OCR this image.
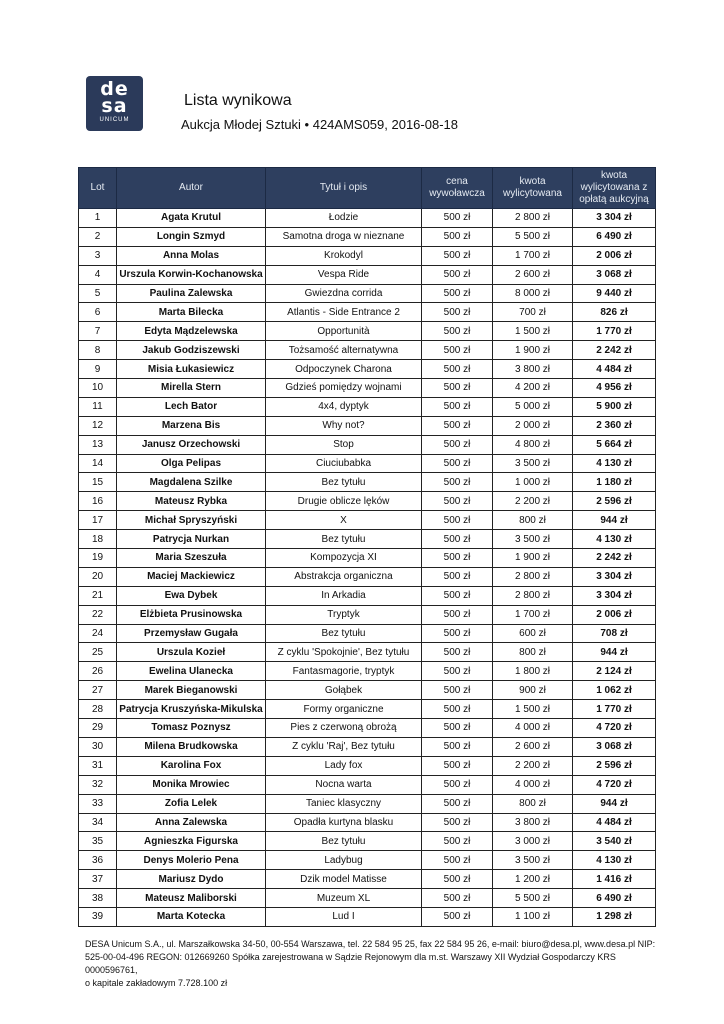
de
sa
UNICUM
Lista wynikowa
Aukcja Młodej Sztuki • 424AMS059, 2016-08-18
Lot	Autor	Tytuł i opis	cena wywoławcza	kwota wylicytowana	kwota wylicytowana z opłatą aukcyjną
1	Agata Krutul	Łodzie	500 zł	2 800 zł	3 304 zł
2	Longin Szmyd	Samotna droga w nieznane	500 zł	5 500 zł	6 490 zł
3	Anna Molas	Krokodyl	500 zł	1 700 zł	2 006 zł
4	Urszula Korwin-Kochanowska	Vespa Ride	500 zł	2 600 zł	3 068 zł
5	Paulina Zalewska	Gwiezdna corrida	500 zł	8 000 zł	9 440 zł
6	Marta Bilecka	Atlantis - Side Entrance 2	500 zł	700 zł	826 zł
7	Edyta Mądzelewska	Opportunità	500 zł	1 500 zł	1 770 zł
8	Jakub Godziszewski	Tożsamość alternatywna	500 zł	1 900 zł	2 242 zł
9	Misia Łukasiewicz	Odpoczynek Charona	500 zł	3 800 zł	4 484 zł
10	Mirella Stern	Gdzieś pomiędzy wojnami	500 zł	4 200 zł	4 956 zł
11	Lech Bator	4x4, dyptyk	500 zł	5 000 zł	5 900 zł
12	Marzena Bis	Why not?	500 zł	2 000 zł	2 360 zł
13	Janusz Orzechowski	Stop	500 zł	4 800 zł	5 664 zł
14	Olga Pelipas	Ciuciubabka	500 zł	3 500 zł	4 130 zł
15	Magdalena Szilke	Bez tytułu	500 zł	1 000 zł	1 180 zł
16	Mateusz Rybka	Drugie oblicze lęków	500 zł	2 200 zł	2 596 zł
17	Michał Spryszyński	X	500 zł	800 zł	944 zł
18	Patrycja Nurkan	Bez tytułu	500 zł	3 500 zł	4 130 zł
19	Maria Szeszuła	Kompozycja XI	500 zł	1 900 zł	2 242 zł
20	Maciej Mackiewicz	Abstrakcja organiczna	500 zł	2 800 zł	3 304 zł
21	Ewa Dybek	In Arkadia	500 zł	2 800 zł	3 304 zł
22	Elżbieta Prusinowska	Tryptyk	500 zł	1 700 zł	2 006 zł
24	Przemysław Gugała	Bez tytułu	500 zł	600 zł	708 zł
25	Urszula Kozieł	Z cyklu 'Spokojnie', Bez tytułu	500 zł	800 zł	944 zł
26	Ewelina Ulanecka	Fantasmagorie, tryptyk	500 zł	1 800 zł	2 124 zł
27	Marek Bieganowski	Gołąbek	500 zł	900 zł	1 062 zł
28	Patrycja Kruszyńska-Mikulska	Formy organiczne	500 zł	1 500 zł	1 770 zł
29	Tomasz Poznysz	Pies z czerwoną obrożą	500 zł	4 000 zł	4 720 zł
30	Milena Brudkowska	Z cyklu 'Raj', Bez tytułu	500 zł	2 600 zł	3 068 zł
31	Karolina Fox	Lady fox	500 zł	2 200 zł	2 596 zł
32	Monika Mrowiec	Nocna warta	500 zł	4 000 zł	4 720 zł
33	Zofia Lelek	Taniec klasyczny	500 zł	800 zł	944 zł
34	Anna Zalewska	Opadła kurtyna blasku	500 zł	3 800 zł	4 484 zł
35	Agnieszka Figurska	Bez tytułu	500 zł	3 000 zł	3 540 zł
36	Denys Molerio Pena	Ladybug	500 zł	3 500 zł	4 130 zł
37	Mariusz Dydo	Dzik model Matisse	500 zł	1 200 zł	1 416 zł
38	Mateusz Maliborski	Muzeum XL	500 zł	5 500 zł	6 490 zł
39	Marta Kotecka	Lud I	500 zł	1 100 zł	1 298 zł
DESA Unicum S.A., ul. Marszałkowska 34-50, 00-554 Warszawa, tel. 22 584 95 25, fax 22 584 95 26, e-mail: biuro@desa.pl, www.desa.pl NIP:
525-00-04-496 REGON: 012669260 Spółka zarejestrowana w Sądzie Rejonowym dla m.st. Warszawy XII Wydział Gospodarczy KRS 0000596761,
o kapitale zakładowym 7.728.100 zł
